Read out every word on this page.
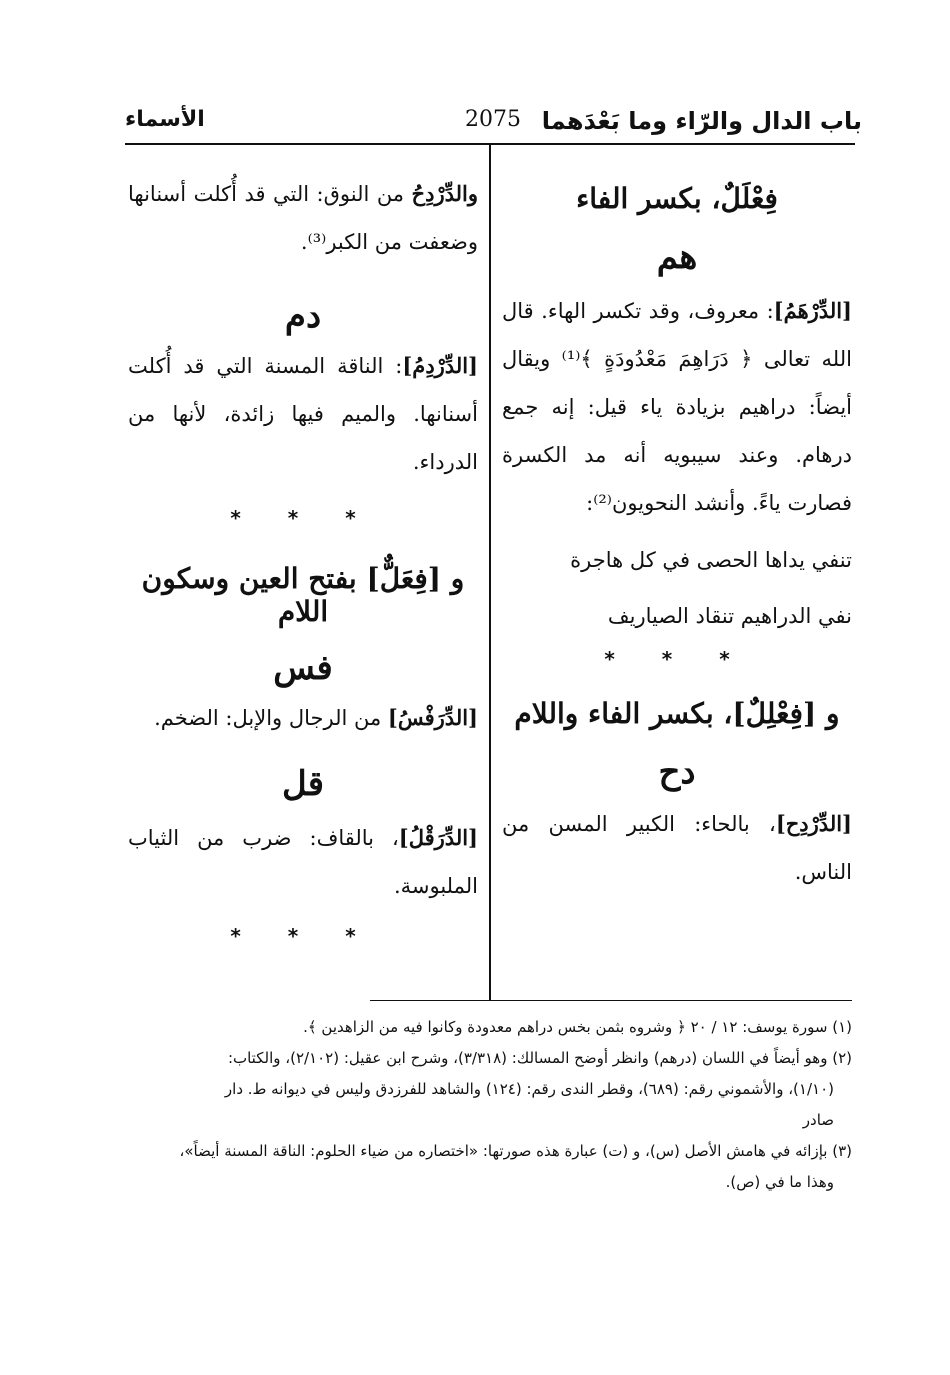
باب الدال والرّاء وما بَعْدَهما
2075
الأسماء
فِعْلَلٌ، بكسر الفاء
هم
[الدِّرْهَمُ]: معروف، وقد تكسر الهاء. قال الله تعالى ﴿ دَرَاهِمَ مَعْدُودَةٍ ﴾⁽¹⁾ ويقال أيضاً: دراهيم بزيادة ياء قيل: إنه جمع درهام. وعند سيبويه أنه مد الكسرة فصارت ياءً. وأنشد النحويون⁽²⁾:
تنفي يداها الحصى في كل هاجرة
نفي الدراهيم تنقاد الصياريف
* * *
و [فِعْلِلٌ]، بكسر الفاء واللام
دح
[الدِّرْدِح]، بالحاء: الكبير المسن من الناس.
والدِّرْدِحُ من النوق: التي قد أُكلت أسنانها وضعفت من الكبر⁽³⁾.
دم
[الدِّرْدِمُ]: الناقة المسنة التي قد أُكلت أسنانها. والميم فيها زائدة، لأنها من الدرداء.
* * *
و [فِعَلٌّ] بفتح العين وسكون اللام
فس
[الدِّرَفْسُ] من الرجال والإبل: الضخم.
قل
[الدِّرَقْلُ]، بالقاف: ضرب من الثياب الملبوسة.
* * *

(١) سورة يوسف: ١٢ / ٢٠ ﴿ وشروه بثمن بخس دراهم معدودة وكانوا فيه من الزاهدين ﴾.

(٢) وهو أيضاً في اللسان (درهم) وانظر أوضح المسالك: (٣/٣١٨)، وشرح ابن عقيل: (٢/١٠٢)، والكتاب:

(١/١٠)، والأشموني رقم: (٦٨٩)، وقطر الندى رقم: (١٢٤) والشاهد للفرزدق وليس في ديوانه ط. دار

صادر

(٣) بإزائه في هامش الأصل (س)، و (ت) عبارة هذه صورتها: «اختصاره من ضياء الحلوم: الناقة المسنة أيضاً»،

وهذا ما في (ص).
